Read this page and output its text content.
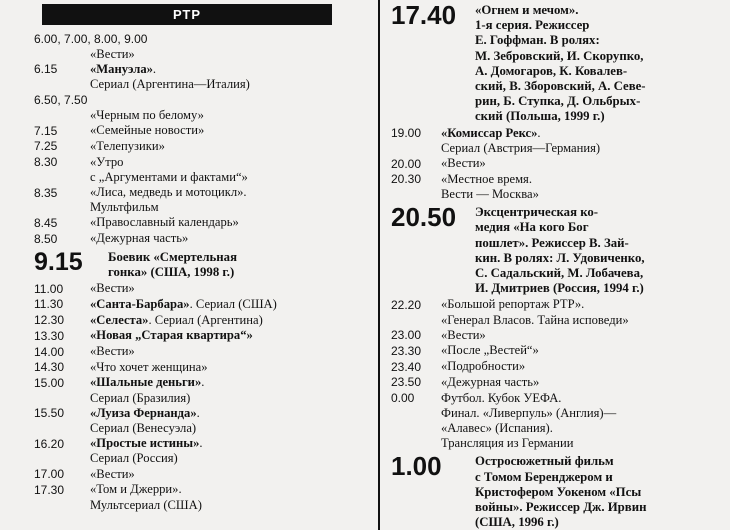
РТР
6.00, 7.00, 8.00, 9.00
«Вести»
6.15	«Мануэла».
Сериал (Аргентина—Италия)
6.50, 7.50
«Черным по белому»
7.15	«Семейные новости»
7.25	«Телепузики»
8.30	«Утро
с „Аргументами и фактами“»
8.35	«Лиса, медведь и мотоцикл».
Мультфильм
8.45	«Православный календарь»
8.50	«Дежурная часть»
9.15	Боевик «Смертельная
гонка» (США, 1998 г.)
11.00	«Вести»
11.30	«Санта-Барбара». Сериал (США)
12.30	«Селеста». Сериал (Аргентина)
13.30	«Новая „Старая квартира“»
14.00	«Вести»
14.30	«Что хочет женщина»
15.00	«Шальные деньги».
Сериал (Бразилия)
15.50	«Луиза Фернанда».
Сериал (Венесуэла)
16.20	«Простые истины».
Сериал (Россия)
17.00	«Вести»
17.30	«Том и Джерри».
Мультсериал (США)
17.40	«Огнем и мечом».
1-я серия. Режиссер
Е. Гоффман. В ролях:
М. Зебровский, И. Скорупко,
А. Домогаров, К. Ковалев-
ский, В. Зборовский, А. Севе-
рин, Б. Ступка, Д. Ольбрых-
ский (Польша, 1999 г.)
19.00	«Комиссар Рекс».
Сериал (Австрия—Германия)
20.00	«Вести»
20.30	«Местное время.
Вести — Москва»
20.50	Эксцентрическая ко-
медия «На кого Бог
пошлет». Режиссер В. Зай-
кин. В ролях: Л. Удовиченко,
С. Садальский, М. Лобачева,
И. Дмитриев (Россия, 1994 г.)
22.20	«Большой репортаж РТР».
«Генерал Власов. Тайна исповеди»
23.00	«Вести»
23.30	«После „Вестей“»
23.40	«Подробности»
23.50	«Дежурная часть»
0.00	Футбол. Кубок УЕФА.
Финал. «Ливерпуль» (Англия)—
«Алавес» (Испания).
Трансляция из Германии
1.00	Остросюжетный фильм
с Томом Беренджером и
Кристофером Уокеном «Псы
войны». Режиссер Дж. Ирвин
(США, 1996 г.)
